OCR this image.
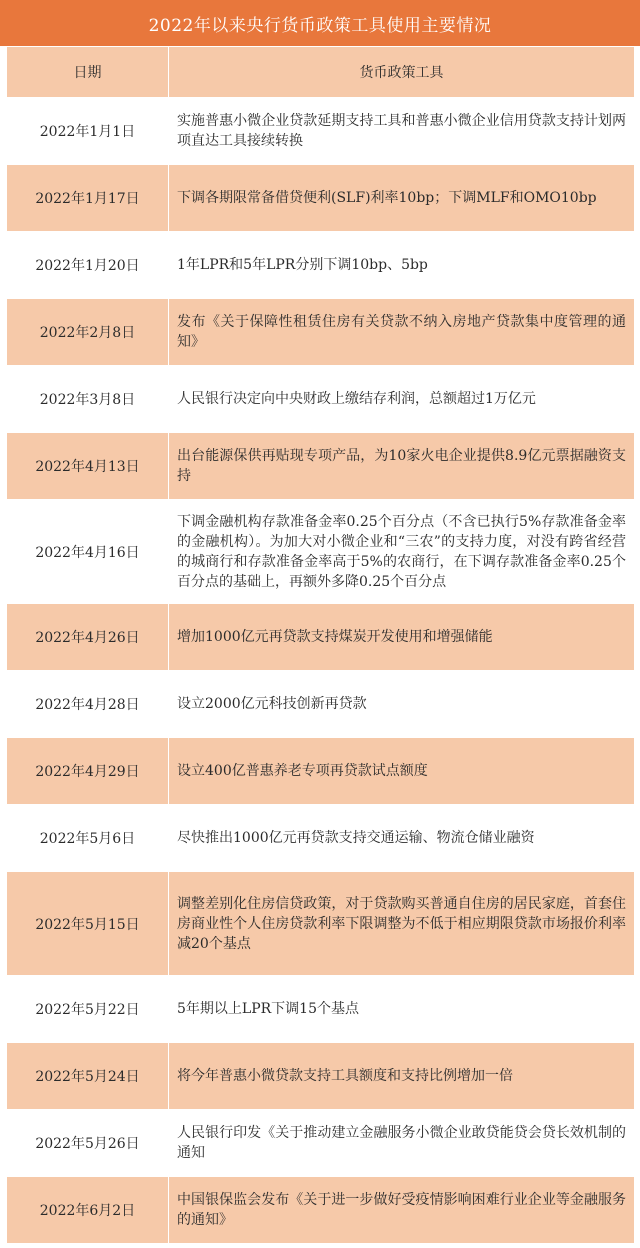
2022年以来央行货币政策工具使用主要情况
日期	货币政策工具
2022年1月1日	实施普惠小微企业贷款延期支持工具和普惠小微企业信用贷款支持计划两项直达工具接续转换
2022年1月17日	下调各期限常备借贷便利(SLF)利率10bp；下调MLF和OMO10bp
2022年1月20日	1年LPR和5年LPR分别下调10bp、5bp
2022年2月8日	发布《关于保障性租赁住房有关贷款不纳入房地产贷款集中度管理的通知》
2022年3月8日	人民银行决定向中央财政上缴结存利润，总额超过1万亿元
2022年4月13日	出台能源保供再贴现专项产品，为10家火电企业提供8.9亿元票据融资支持
2022年4月16日	下调金融机构存款准备金率0.25个百分点（不含已执行5%存款准备金率的金融机构）。为加大对小微企业和“三农”的支持力度，对没有跨省经营的城商行和存款准备金率高于5%的农商行，在下调存款准备金率0.25个百分点的基础上，再额外多降0.25个百分点
2022年4月26日	增加1000亿元再贷款支持煤炭开发使用和增强储能
2022年4月28日	设立2000亿元科技创新再贷款
2022年4月29日	设立400亿普惠养老专项再贷款试点额度
2022年5月6日	尽快推出1000亿元再贷款支持交通运输、物流仓储业融资
2022年5月15日	调整差别化住房信贷政策，对于贷款购买普通自住房的居民家庭，首套住房商业性个人住房贷款利率下限调整为不低于相应期限贷款市场报价利率减20个基点
2022年5月22日	5年期以上LPR下调15个基点
2022年5月24日	将今年普惠小微贷款支持工具额度和支持比例增加一倍
2022年5月26日	人民银行印发《关于推动建立金融服务小微企业敢贷能贷会贷长效机制的通知
2022年6月2日	中国银保监会发布《关于进一步做好受疫情影响困难行业企业等金融服务的通知》
